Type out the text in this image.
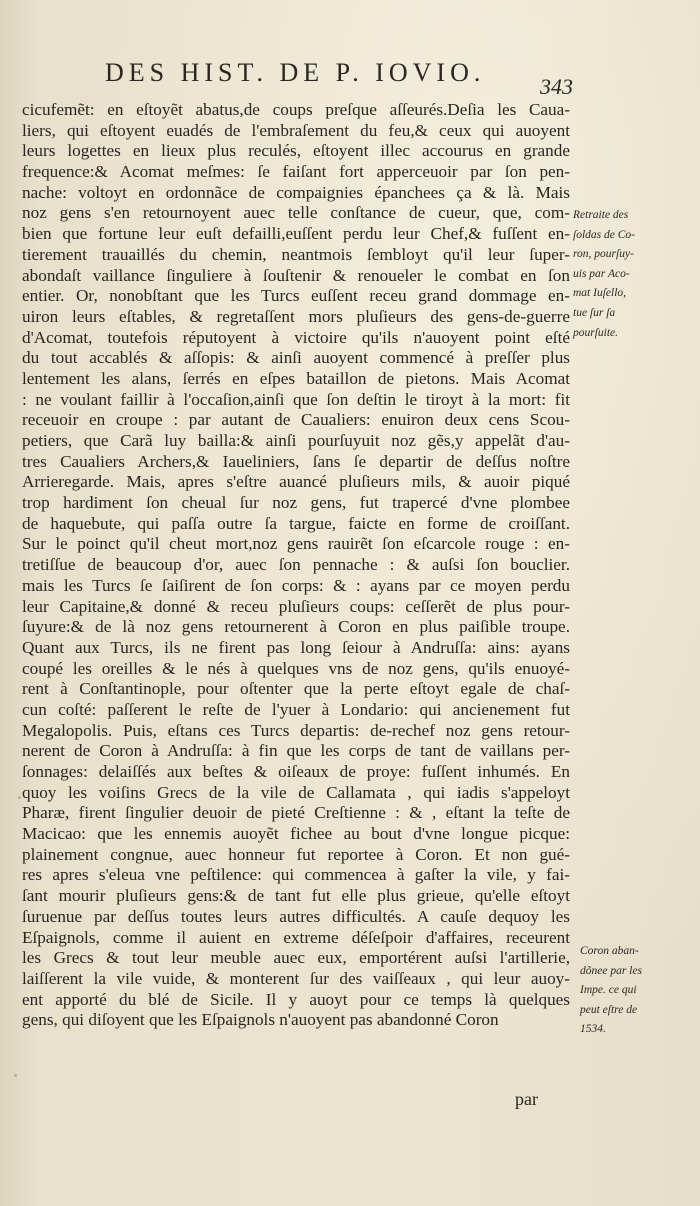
DES HIST. DE P. IOVIO. 343
cicufemẽt: en eſtoyẽt abatus,de coups preſque aſſeurés.Deſia les Caua-
liers, qui eſtoyent euadés de l'embraſement du feu,& ceux qui auoyent
leurs logettes en lieux plus reculés, eſtoyent illec accourus en grande
frequence:& Acomat meſmes: ſe faiſant fort apperceuoir par ſon pen-
nache: voltoyt en ordonnãce de compaignies épanchees ça & là. Mais
noz gens s'en retournoyent auec telle conſtance de cueur, que, com-
bien que fortune leur euſt defailli,euſſent perdu leur Chef,& fuſſent en-
tierement trauaillés du chemin, neantmois ſembloyt qu'il leur ſuper-
abondaſt vaillance ſinguliere à ſouſtenir & renoueler le combat en ſon
entier. Or, nonobſtant que les Turcs euſſent receu grand dommage en-
uiron leurs eſtables, & regretaſſent mors pluſieurs des gens-de-guerre
d'Acomat, toutefois réputoyent à victoire qu'ils n'auoyent point eſté
du tout accablés & aſſopis: & ainſi auoyent commencé à preſſer plus
lentement les alans, ſerrés en eſpes bataillon de pietons. Mais Acomat
: ne voulant faillir à l'occaſion,ainſi que ſon deſtin le tiroyt à la mort: fit
receuoir en croupe : par autant de Caualiers: enuiron deux cens Scou-
petiers, que Carã luy bailla:& ainſi pourſuyuit noz gẽs,y appelãt d'au-
tres Caualiers Archers,& Iaueliniers, ſans ſe departir de deſſus noſtre
Arrieregarde. Mais, apres s'eſtre auancé pluſieurs mils, & auoir piqué
trop hardiment ſon cheual ſur noz gens, fut trapercé d'vne plombee
de haquebute, qui paſſa outre ſa targue, faicte en forme de croiſſant.
Sur le poinct qu'il cheut mort,noz gens rauirẽt ſon eſcarcole rouge : en-
tretiſſue de beaucoup d'or, auec ſon pennache : & auſsi ſon bouclier.
mais les Turcs ſe ſaiſirent de ſon corps: & : ayans par ce moyen perdu
leur Capitaine,& donné & receu pluſieurs coups: ceſſerẽt de plus pour-
ſuyure:& de là noz gens retournerent à Coron en plus paiſible troupe.
Quant aux Turcs, ils ne firent pas long ſeiour à Andruſſa: ains: ayans
coupé les oreilles & le nés à quelques vns de noz gens, qu'ils enuoyé-
rent à Conſtantinople, pour oſtenter que la perte eſtoyt egale de chaſ-
cun coſté: paſſerent le reſte de l'yuer à Londario: qui ancienement fut
Megalopolis. Puis, eſtans ces Turcs departis: de-rechef noz gens retour-
nerent de Coron à Andruſſa: à fin que les corps de tant de vaillans per-
ſonnages: delaiſſés aux beſtes & oiſeaux de proye: fuſſent inhumés. En
quoy les voiſins Grecs de la vile de Callamata , qui iadis s'appeloyt
Pharæ, firent ſingulier deuoir de pieté Creſtienne : & , eſtant la teſte de
Macicao: que les ennemis auoyẽt fichee au bout d'vne longue picque:
plainement congnue, auec honneur fut reportee à Coron. Et non gué-
res apres s'eleua vne peſtilence: qui commencea à gaſter la vile, y fai-
ſant mourir pluſieurs gens:& de tant fut elle plus grieue, qu'elle eſtoyt
ſuruenue par deſſus toutes leurs autres difficultés. A cauſe dequoy les
Eſpaignols, comme il auient en extreme déſeſpoir d'affaires, receurent
les Grecs & tout leur meuble auec eux, emportérent auſsi l'artillerie,
laiſſerent la vile vuide, & monterent ſur des vaiſſeaux , qui leur auoy-
ent apporté du blé de Sicile. Il y auoyt pour ce temps là quelques
gens, qui diſoyent que les Eſpaignols n'auoyent pas abandonné Coron
Retraite des
ſoldas de Co-
ron, pourſuy-
uis par Aco-
mat Iuſello,
tue ſur ſa
pourſuite.
Coron aban-
dõnee par les
Impe. ce qui
peut eſtre de
1534.
par
